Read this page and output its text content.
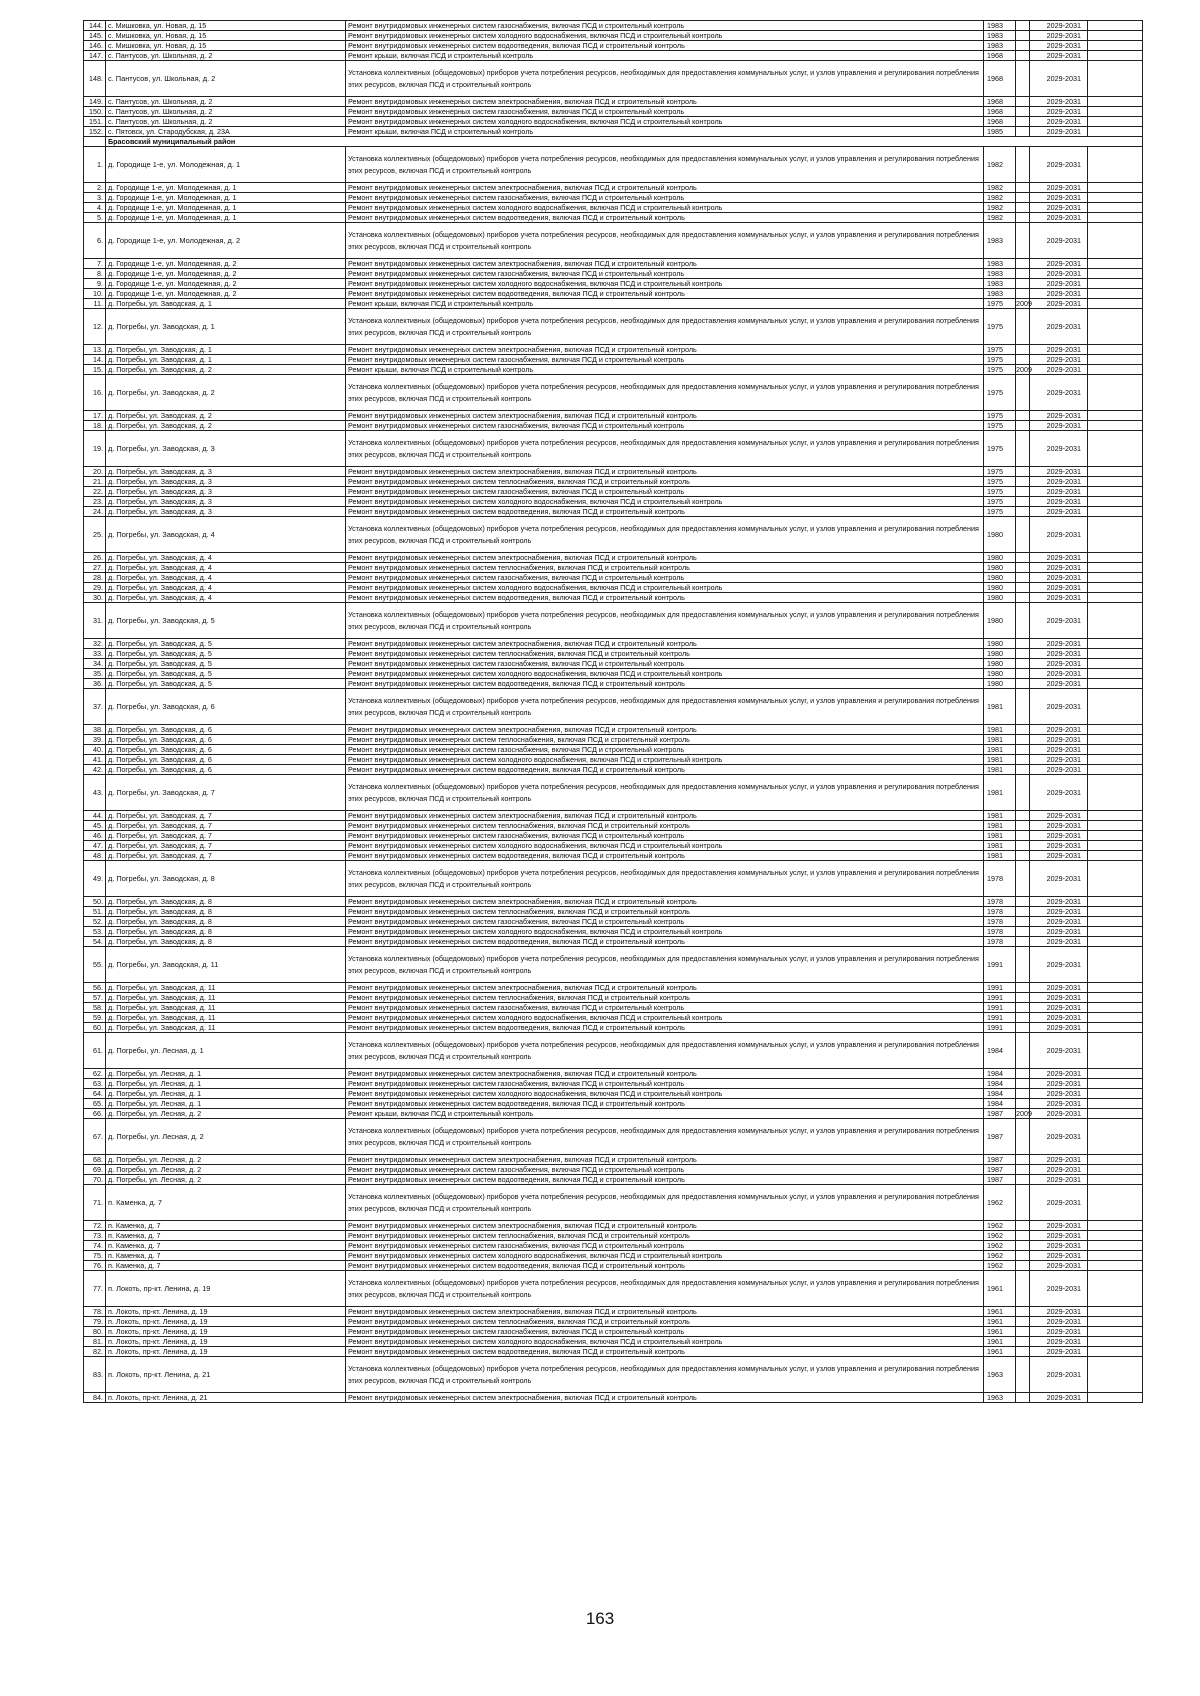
144.	с. Мишковка, ул. Новая, д. 15	Ремонт внутридомовых инженерных систем газоснабжения, включая ПСД и строительный контроль	1983		2029-2031	
145.	с. Мишковка, ул. Новая, д. 15	Ремонт внутридомовых инженерных систем холодного водоснабжения, включая ПСД и строительный контроль	1983		2029-2031	
146.	с. Мишковка, ул. Новая, д. 15	Ремонт внутридомовых инженерных систем водоотведения, включая ПСД и строительный контроль	1983		2029-2031	
147.	с. Пантусов, ул. Школьная, д. 2	Ремонт крыши, включая ПСД и строительный контроль	1968		2029-2031	
148.	с. Пантусов, ул. Школьная, д. 2	Установка коллективных (общедомовых) приборов учета потребления ресурсов, необходимых для предоставления коммунальных услуг, и узлов управления и регулирования потребления этих ресурсов, включая ПСД и строительный контроль	1968		2029-2031	
149.	с. Пантусов, ул. Школьная, д. 2	Ремонт внутридомовых инженерных систем электроснабжения, включая ПСД и строительный контроль	1968		2029-2031	
150.	с. Пантусов, ул. Школьная, д. 2	Ремонт внутридомовых инженерных систем газоснабжения, включая ПСД и строительный контроль	1968		2029-2031	
151.	с. Пантусов, ул. Школьная, д. 2	Ремонт внутридомовых инженерных систем холодного водоснабжения, включая ПСД и строительный контроль	1968		2029-2031	
152.	с. Пятовск, ул. Стародубская, д. 23А	Ремонт крыши, включая ПСД и строительный контроль	1985		2029-2031	
	Брасовский муниципальный район					
1.	д. Городище 1-е, ул. Молодежная, д. 1	Установка коллективных (общедомовых) приборов учета потребления ресурсов, необходимых для предоставления коммунальных услуг, и узлов управления и регулирования потребления этих ресурсов, включая ПСД и строительный контроль	1982		2029-2031	
2.	д. Городище 1-е, ул. Молодежная, д. 1	Ремонт внутридомовых инженерных систем электроснабжения, включая ПСД и строительный контроль	1982		2029-2031	
3.	д. Городище 1-е, ул. Молодежная, д. 1	Ремонт внутридомовых инженерных систем газоснабжения, включая ПСД и строительный контроль	1982		2029-2031	
4.	д. Городище 1-е, ул. Молодежная, д. 1	Ремонт внутридомовых инженерных систем холодного водоснабжения, включая ПСД и строительный контроль	1982		2029-2031	
5.	д. Городище 1-е, ул. Молодежная, д. 1	Ремонт внутридомовых инженерных систем водоотведения, включая ПСД и строительный контроль	1982		2029-2031	
6.	д. Городище 1-е, ул. Молодежная, д. 2	Установка коллективных (общедомовых) приборов учета потребления ресурсов, необходимых для предоставления коммунальных услуг, и узлов управления и регулирования потребления этих ресурсов, включая ПСД и строительный контроль	1983		2029-2031	
7.	д. Городище 1-е, ул. Молодежная, д. 2	Ремонт внутридомовых инженерных систем электроснабжения, включая ПСД и строительный контроль	1983		2029-2031	
8.	д. Городище 1-е, ул. Молодежная, д. 2	Ремонт внутридомовых инженерных систем газоснабжения, включая ПСД и строительный контроль	1983		2029-2031	
9.	д. Городище 1-е, ул. Молодежная, д. 2	Ремонт внутридомовых инженерных систем холодного водоснабжения, включая ПСД и строительный контроль	1983		2029-2031	
10.	д. Городище 1-е, ул. Молодежная, д. 2	Ремонт внутридомовых инженерных систем водоотведения, включая ПСД и строительный контроль	1983		2029-2031	
11.	д. Погребы, ул. Заводская, д. 1	Ремонт крыши, включая ПСД и строительный контроль	1975	2009	2029-2031	
12.	д. Погребы, ул. Заводская, д. 1	Установка коллективных (общедомовых) приборов учета потребления ресурсов, необходимых для предоставления коммунальных услуг, и узлов управления и регулирования потребления этих ресурсов, включая ПСД и строительный контроль	1975		2029-2031	
13.	д. Погребы, ул. Заводская, д. 1	Ремонт внутридомовых инженерных систем электроснабжения, включая ПСД и строительный контроль	1975		2029-2031	
14.	д. Погребы, ул. Заводская, д. 1	Ремонт внутридомовых инженерных систем газоснабжения, включая ПСД и строительный контроль	1975		2029-2031	
15.	д. Погребы, ул. Заводская, д. 2	Ремонт крыши, включая ПСД и строительный контроль	1975	2009	2029-2031	
16.	д. Погребы, ул. Заводская, д. 2	Установка коллективных (общедомовых) приборов учета потребления ресурсов, необходимых для предоставления коммунальных услуг, и узлов управления и регулирования потребления этих ресурсов, включая ПСД и строительный контроль	1975		2029-2031	
17.	д. Погребы, ул. Заводская, д. 2	Ремонт внутридомовых инженерных систем электроснабжения, включая ПСД и строительный контроль	1975		2029-2031	
18.	д. Погребы, ул. Заводская, д. 2	Ремонт внутридомовых инженерных систем газоснабжения, включая ПСД и строительный контроль	1975		2029-2031	
19.	д. Погребы, ул. Заводская, д. 3	Установка коллективных (общедомовых) приборов учета потребления ресурсов, необходимых для предоставления коммунальных услуг, и узлов управления и регулирования потребления этих ресурсов, включая ПСД и строительный контроль	1975		2029-2031	
20.	д. Погребы, ул. Заводская, д. 3	Ремонт внутридомовых инженерных систем электроснабжения, включая ПСД и строительный контроль	1975		2029-2031	
21.	д. Погребы, ул. Заводская, д. 3	Ремонт внутридомовых инженерных систем теплоснабжения, включая ПСД и строительный контроль	1975		2029-2031	
22.	д. Погребы, ул. Заводская, д. 3	Ремонт внутридомовых инженерных систем газоснабжения, включая ПСД и строительный контроль	1975		2029-2031	
23.	д. Погребы, ул. Заводская, д. 3	Ремонт внутридомовых инженерных систем холодного водоснабжения, включая ПСД и строительный контроль	1975		2029-2031	
24.	д. Погребы, ул. Заводская, д. 3	Ремонт внутридомовых инженерных систем водоотведения, включая ПСД и строительный контроль	1975		2029-2031	
25.	д. Погребы, ул. Заводская, д. 4	Установка коллективных (общедомовых) приборов учета потребления ресурсов, необходимых для предоставления коммунальных услуг, и узлов управления и регулирования потребления этих ресурсов, включая ПСД и строительный контроль	1980		2029-2031	
26.	д. Погребы, ул. Заводская, д. 4	Ремонт внутридомовых инженерных систем электроснабжения, включая ПСД и строительный контроль	1980		2029-2031	
27.	д. Погребы, ул. Заводская, д. 4	Ремонт внутридомовых инженерных систем теплоснабжения, включая ПСД и строительный контроль	1980		2029-2031	
28.	д. Погребы, ул. Заводская, д. 4	Ремонт внутридомовых инженерных систем газоснабжения, включая ПСД и строительный контроль	1980		2029-2031	
29.	д. Погребы, ул. Заводская, д. 4	Ремонт внутридомовых инженерных систем холодного водоснабжения, включая ПСД и строительный контроль	1980		2029-2031	
30.	д. Погребы, ул. Заводская, д. 4	Ремонт внутридомовых инженерных систем водоотведения, включая ПСД и строительный контроль	1980		2029-2031	
31.	д. Погребы, ул. Заводская, д. 5	Установка коллективных (общедомовых) приборов учета потребления ресурсов, необходимых для предоставления коммунальных услуг, и узлов управления и регулирования потребления этих ресурсов, включая ПСД и строительный контроль	1980		2029-2031	
32.	д. Погребы, ул. Заводская, д. 5	Ремонт внутридомовых инженерных систем электроснабжения, включая ПСД и строительный контроль	1980		2029-2031	
33.	д. Погребы, ул. Заводская, д. 5	Ремонт внутридомовых инженерных систем теплоснабжения, включая ПСД и строительный контроль	1980		2029-2031	
34.	д. Погребы, ул. Заводская, д. 5	Ремонт внутридомовых инженерных систем газоснабжения, включая ПСД и строительный контроль	1980		2029-2031	
35.	д. Погребы, ул. Заводская, д. 5	Ремонт внутридомовых инженерных систем холодного водоснабжения, включая ПСД и строительный контроль	1980		2029-2031	
36.	д. Погребы, ул. Заводская, д. 5	Ремонт внутридомовых инженерных систем водоотведения, включая ПСД и строительный контроль	1980		2029-2031	
37.	д. Погребы, ул. Заводская, д. 6	Установка коллективных (общедомовых) приборов учета потребления ресурсов, необходимых для предоставления коммунальных услуг, и узлов управления и регулирования потребления этих ресурсов, включая ПСД и строительный контроль	1981		2029-2031	
38.	д. Погребы, ул. Заводская, д. 6	Ремонт внутридомовых инженерных систем электроснабжения, включая ПСД и строительный контроль	1981		2029-2031	
39.	д. Погребы, ул. Заводская, д. 6	Ремонт внутридомовых инженерных систем теплоснабжения, включая ПСД и строительный контроль	1981		2029-2031	
40.	д. Погребы, ул. Заводская, д. 6	Ремонт внутридомовых инженерных систем газоснабжения, включая ПСД и строительный контроль	1981		2029-2031	
41.	д. Погребы, ул. Заводская, д. 6	Ремонт внутридомовых инженерных систем холодного водоснабжения, включая ПСД и строительный контроль	1981		2029-2031	
42.	д. Погребы, ул. Заводская, д. 6	Ремонт внутридомовых инженерных систем водоотведения, включая ПСД и строительный контроль	1981		2029-2031	
43.	д. Погребы, ул. Заводская, д. 7	Установка коллективных (общедомовых) приборов учета потребления ресурсов, необходимых для предоставления коммунальных услуг, и узлов управления и регулирования потребления этих ресурсов, включая ПСД и строительный контроль	1981		2029-2031	
44.	д. Погребы, ул. Заводская, д. 7	Ремонт внутридомовых инженерных систем электроснабжения, включая ПСД и строительный контроль	1981		2029-2031	
45.	д. Погребы, ул. Заводская, д. 7	Ремонт внутридомовых инженерных систем теплоснабжения, включая ПСД и строительный контроль	1981		2029-2031	
46.	д. Погребы, ул. Заводская, д. 7	Ремонт внутридомовых инженерных систем газоснабжения, включая ПСД и строительный контроль	1981		2029-2031	
47.	д. Погребы, ул. Заводская, д. 7	Ремонт внутридомовых инженерных систем холодного водоснабжения, включая ПСД и строительный контроль	1981		2029-2031	
48.	д. Погребы, ул. Заводская, д. 7	Ремонт внутридомовых инженерных систем водоотведения, включая ПСД и строительный контроль	1981		2029-2031	
49.	д. Погребы, ул. Заводская, д. 8	Установка коллективных (общедомовых) приборов учета потребления ресурсов, необходимых для предоставления коммунальных услуг, и узлов управления и регулирования потребления этих ресурсов, включая ПСД и строительный контроль	1978		2029-2031	
50.	д. Погребы, ул. Заводская, д. 8	Ремонт внутридомовых инженерных систем электроснабжения, включая ПСД и строительный контроль	1978		2029-2031	
51.	д. Погребы, ул. Заводская, д. 8	Ремонт внутридомовых инженерных систем теплоснабжения, включая ПСД и строительный контроль	1978		2029-2031	
52.	д. Погребы, ул. Заводская, д. 8	Ремонт внутридомовых инженерных систем газоснабжения, включая ПСД и строительный контроль	1978		2029-2031	
53.	д. Погребы, ул. Заводская, д. 8	Ремонт внутридомовых инженерных систем холодного водоснабжения, включая ПСД и строительный контроль	1978		2029-2031	
54.	д. Погребы, ул. Заводская, д. 8	Ремонт внутридомовых инженерных систем водоотведения, включая ПСД и строительный контроль	1978		2029-2031	
55.	д. Погребы, ул. Заводская, д. 11	Установка коллективных (общедомовых) приборов учета потребления ресурсов, необходимых для предоставления коммунальных услуг, и узлов управления и регулирования потребления этих ресурсов, включая ПСД и строительный контроль	1991		2029-2031	
56.	д. Погребы, ул. Заводская, д. 11	Ремонт внутридомовых инженерных систем электроснабжения, включая ПСД и строительный контроль	1991		2029-2031	
57.	д. Погребы, ул. Заводская, д. 11	Ремонт внутридомовых инженерных систем теплоснабжения, включая ПСД и строительный контроль	1991		2029-2031	
58.	д. Погребы, ул. Заводская, д. 11	Ремонт внутридомовых инженерных систем газоснабжения, включая ПСД и строительный контроль	1991		2029-2031	
59.	д. Погребы, ул. Заводская, д. 11	Ремонт внутридомовых инженерных систем холодного водоснабжения, включая ПСД и строительный контроль	1991		2029-2031	
60.	д. Погребы, ул. Заводская, д. 11	Ремонт внутридомовых инженерных систем водоотведения, включая ПСД и строительный контроль	1991		2029-2031	
61.	д. Погребы, ул. Лесная, д. 1	Установка коллективных (общедомовых) приборов учета потребления ресурсов, необходимых для предоставления коммунальных услуг, и узлов управления и регулирования потребления этих ресурсов, включая ПСД и строительный контроль	1984		2029-2031	
62.	д. Погребы, ул. Лесная, д. 1	Ремонт внутридомовых инженерных систем электроснабжения, включая ПСД и строительный контроль	1984		2029-2031	
63.	д. Погребы, ул. Лесная, д. 1	Ремонт внутридомовых инженерных систем газоснабжения, включая ПСД и строительный контроль	1984		2029-2031	
64.	д. Погребы, ул. Лесная, д. 1	Ремонт внутридомовых инженерных систем холодного водоснабжения, включая ПСД и строительный контроль	1984		2029-2031	
65.	д. Погребы, ул. Лесная, д. 1	Ремонт внутридомовых инженерных систем водоотведения, включая ПСД и строительный контроль	1984		2029-2031	
66.	д. Погребы, ул. Лесная, д. 2	Ремонт крыши, включая ПСД и строительный контроль	1987	2009	2029-2031	
67.	д. Погребы, ул. Лесная, д. 2	Установка коллективных (общедомовых) приборов учета потребления ресурсов, необходимых для предоставления коммунальных услуг, и узлов управления и регулирования потребления этих ресурсов, включая ПСД и строительный контроль	1987		2029-2031	
68.	д. Погребы, ул. Лесная, д. 2	Ремонт внутридомовых инженерных систем электроснабжения, включая ПСД и строительный контроль	1987		2029-2031	
69.	д. Погребы, ул. Лесная, д. 2	Ремонт внутридомовых инженерных систем газоснабжения, включая ПСД и строительный контроль	1987		2029-2031	
70.	д. Погребы, ул. Лесная, д. 2	Ремонт внутридомовых инженерных систем водоотведения, включая ПСД и строительный контроль	1987		2029-2031	
71.	п. Каменка, д. 7	Установка коллективных (общедомовых) приборов учета потребления ресурсов, необходимых для предоставления коммунальных услуг, и узлов управления и регулирования потребления этих ресурсов, включая ПСД и строительный контроль	1962		2029-2031	
72.	п. Каменка, д. 7	Ремонт внутридомовых инженерных систем электроснабжения, включая ПСД и строительный контроль	1962		2029-2031	
73.	п. Каменка, д. 7	Ремонт внутридомовых инженерных систем теплоснабжения, включая ПСД и строительный контроль	1962		2029-2031	
74.	п. Каменка, д. 7	Ремонт внутридомовых инженерных систем газоснабжения, включая ПСД и строительный контроль	1962		2029-2031	
75.	п. Каменка, д. 7	Ремонт внутридомовых инженерных систем холодного водоснабжения, включая ПСД и строительный контроль	1962		2029-2031	
76.	п. Каменка, д. 7	Ремонт внутридомовых инженерных систем водоотведения, включая ПСД и строительный контроль	1962		2029-2031	
77.	п. Локоть, пр-кт. Ленина, д. 19	Установка коллективных (общедомовых) приборов учета потребления ресурсов, необходимых для предоставления коммунальных услуг, и узлов управления и регулирования потребления этих ресурсов, включая ПСД и строительный контроль	1961		2029-2031	
78.	п. Локоть, пр-кт. Ленина, д. 19	Ремонт внутридомовых инженерных систем электроснабжения, включая ПСД и строительный контроль	1961		2029-2031	
79.	п. Локоть, пр-кт. Ленина, д. 19	Ремонт внутридомовых инженерных систем теплоснабжения, включая ПСД и строительный контроль	1961		2029-2031	
80.	п. Локоть, пр-кт. Ленина, д. 19	Ремонт внутридомовых инженерных систем газоснабжения, включая ПСД и строительный контроль	1961		2029-2031	
81.	п. Локоть, пр-кт. Ленина, д. 19	Ремонт внутридомовых инженерных систем холодного водоснабжения, включая ПСД и строительный контроль	1961		2029-2031	
82.	п. Локоть, пр-кт. Ленина, д. 19	Ремонт внутридомовых инженерных систем водоотведения, включая ПСД и строительный контроль	1961		2029-2031	
83.	п. Локоть, пр-кт. Ленина, д. 21	Установка коллективных (общедомовых) приборов учета потребления ресурсов, необходимых для предоставления коммунальных услуг, и узлов управления и регулирования потребления этих ресурсов, включая ПСД и строительный контроль	1963		2029-2031	
84.	п. Локоть, пр-кт. Ленина, д. 21	Ремонт внутридомовых инженерных систем электроснабжения, включая ПСД и строительный контроль	1963		2029-2031	
163
